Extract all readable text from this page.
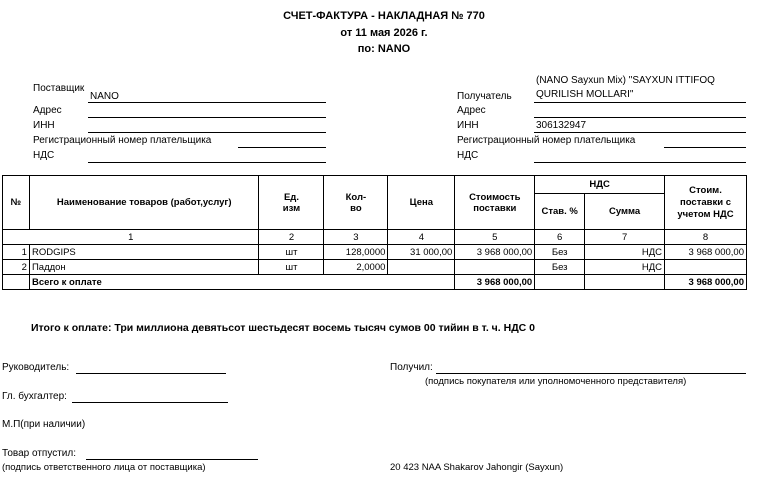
СЧЕТ-ФАКТУРА - НАКЛАДНАЯ № 770
от 11 мая 2026 г.
по: NANO
Поставщик
NANO
Адрес
ИНН
Регистрационный номер плательщика
НДС
(NANO Sayxun Mix) "SAYXUN ITTIFOQ
Получатель QURILISH MOLLARI"
Адрес
ИНН	306132947
Регистрационный номер плательщика
НДС
№	Наименование товаров (работ,услуг)	Ед. изм	Кол-во	Цена	Стоимость поставки	НДС		Стоим. поставки с учетом НДС
						Став. %	Сумма	
1		2	3	4	5	6	7	8
1	RODGIPS	шт	128,0000	31 000,00	3 968 000,00	Без	НДС	3 968 000,00
2	Паддон	шт	2,0000			Без	НДС	
	Всего к оплате				3 968 000,00			3 968 000,00
Итого к оплате: Три миллиона девятьсот шестьдесят восемь тысяч сумов 00 тийин в т. ч. НДС 0
Руководитель:
Гл. бухгалтер:
М.П(при наличии)
Товар отпустил:
(подпись ответственного лица от поставщика)
Получил:
(подпись покупателя или уполномоченного представителя)
20 423 NAA Shakarov Jahongir (Sayxun)
